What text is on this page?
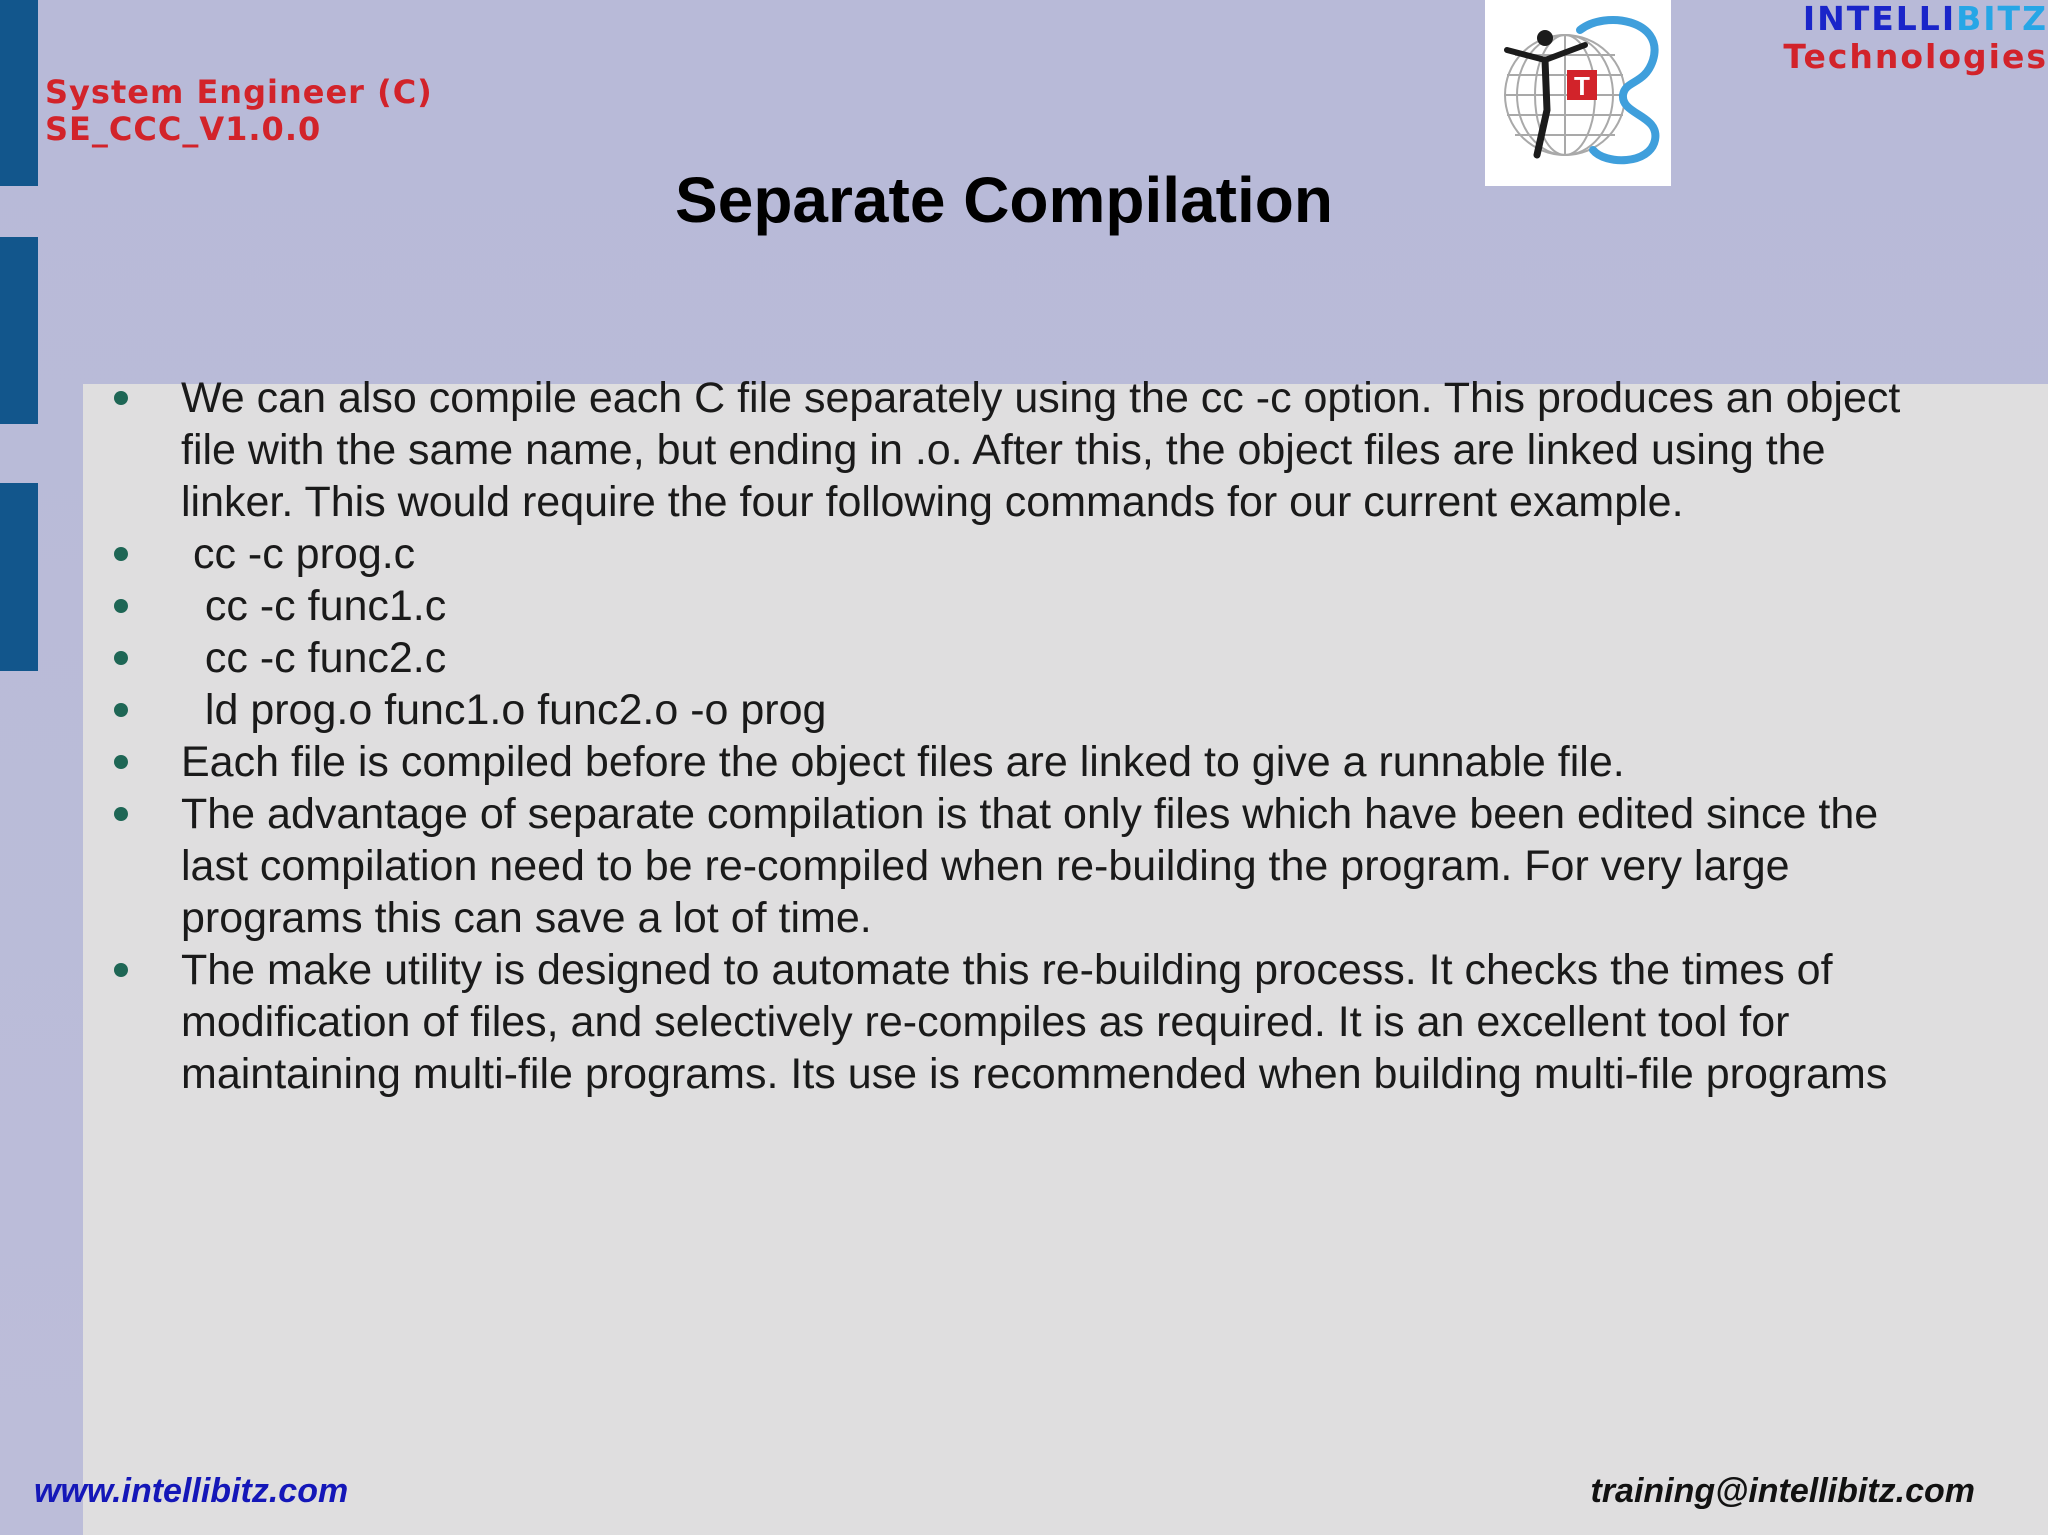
System Engineer (C)
SE_CCC_V1.0.0
T
INTELLIBITZ
Technologies
Separate Compilation
We can also compile each C file separately using the cc -c option. This produces an object file with the same name, but ending in .o. After this, the object files are linked using the linker. This would require the four following commands for our current example.
cc -c prog.c
cc -c func1.c
cc -c func2.c
ld prog.o func1.o func2.o -o prog
Each file is compiled before the object files are linked to give a runnable file.
The advantage of separate compilation is that only files which have been edited since the last compilation need to be re-compiled when re-building the program. For very large programs this can save a lot of time.
The make utility is designed to automate this re-building process. It checks the times of modification of files, and selectively re-compiles as required. It is an excellent tool for maintaining multi-file programs. Its use is recommended when building multi-file programs
www.intellibitz.com	training@intellibitz.com
